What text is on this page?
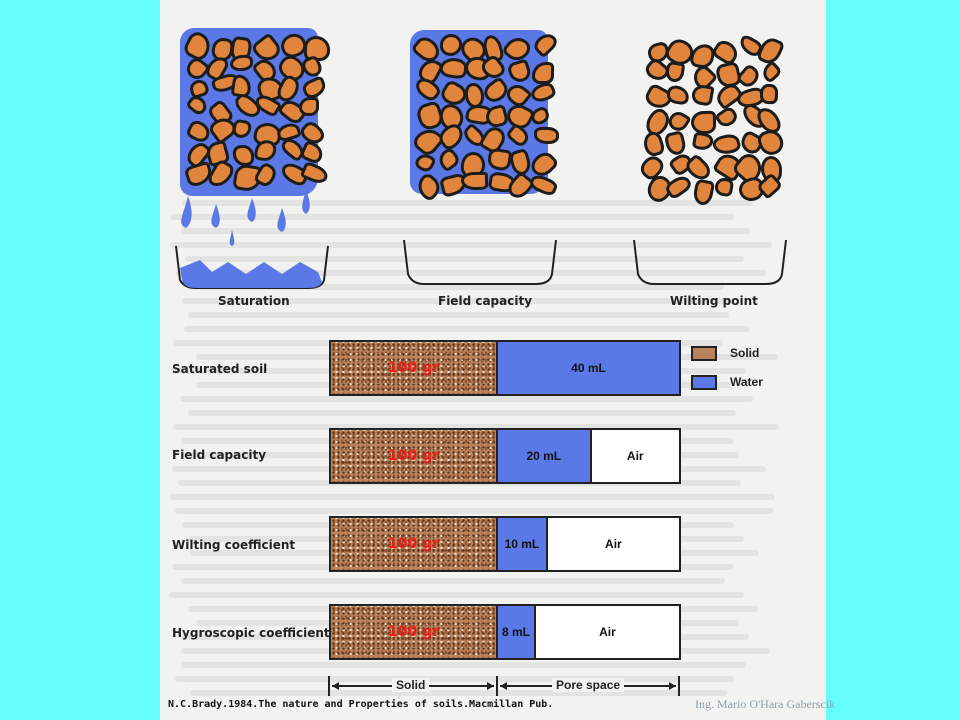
Saturation	Field capacity	Wilting point
Solid
Water
Saturated soil	100 gr	40 mL
Field capacity	100 gr	20 mL	Air
Wilting coefficient	100 gr	10 mL	Air
Hygroscopic coefficient	100 gr	8 mL	Air
Solid	Pore space
N.C.Brady.1984.The nature and Properties of soils.Macmillan Pub.	Ing. Mario O'Hara Gaberscik
